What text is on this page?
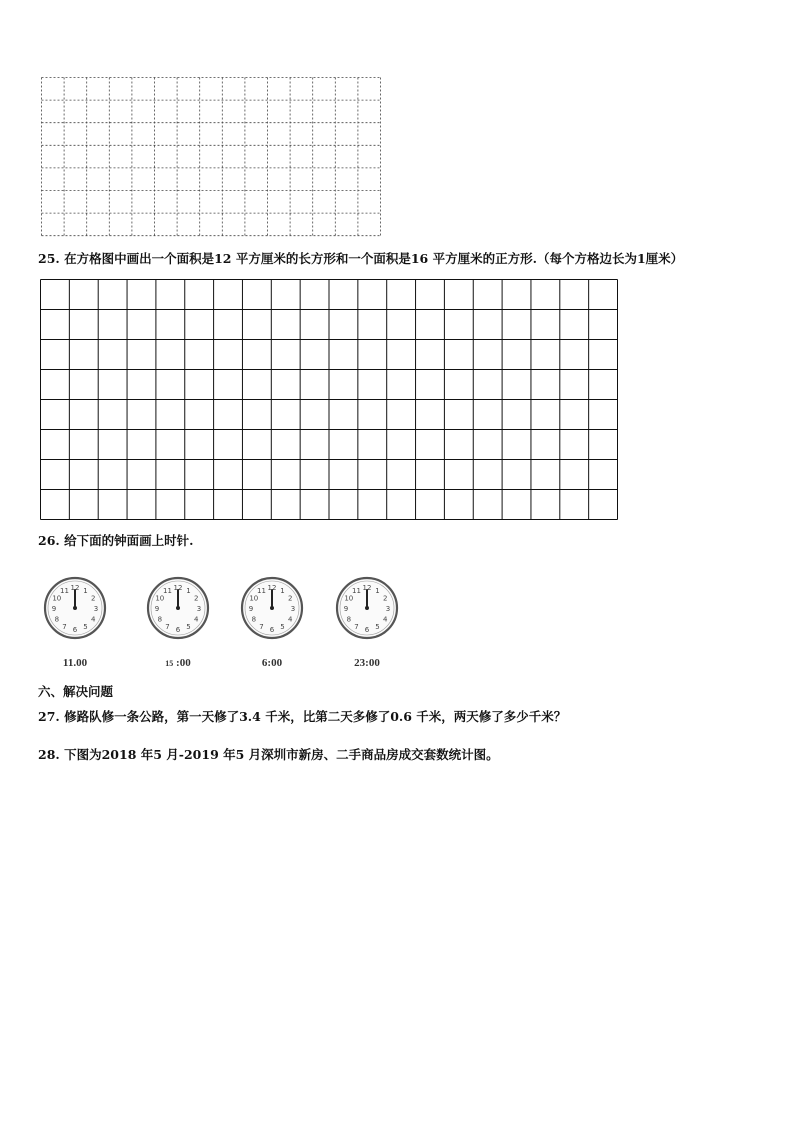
25. 在方格图中画出一个面积是12 平方厘米的长方形和一个面积是16 平方厘米的正方形.（每个方格边长为1厘米）
26. 给下面的钟面画上时针.
12 1
2
3
4
5
6
7
8
9
10
11
11.00
12 1
2
3
4
5
6
7
8
9
10
11
15 :00
12 1
2
3
4
5
6
7
8
9
10
11
6:00
12 1
2
3
4
5
6
7
8
9
10
11
23:00
六、解决问题
27. 修路队修一条公路，第一天修了3.4 千米，比第二天多修了0.6 千米，两天修了多少千米？
28. 下图为2018 年5 月-2019 年5 月深圳市新房、二手商品房成交套数统计图。
